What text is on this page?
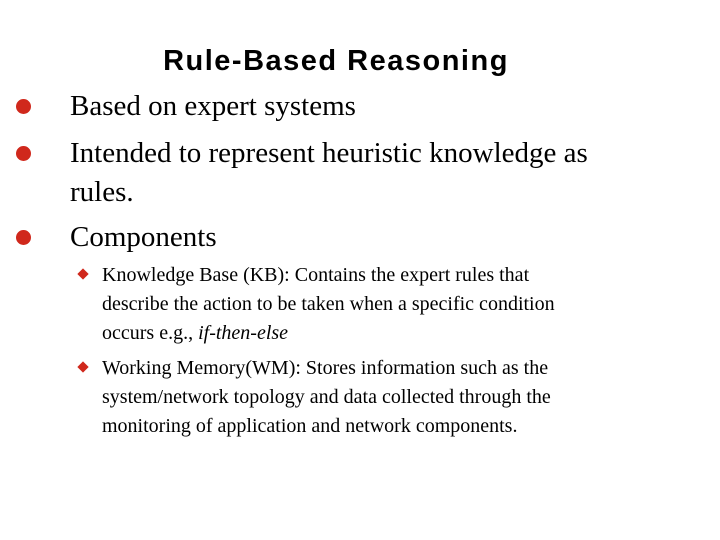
Rule-Based Reasoning
Based on expert systems
Intended to represent heuristic knowledge as
rules.
Components
Knowledge Base (KB): Contains the expert rules that
describe the action to be taken when a specific condition
occurs e.g., if-then-else
Working Memory(WM): Stores information such as the
system/network topology and data collected through the
monitoring of application and network components.
